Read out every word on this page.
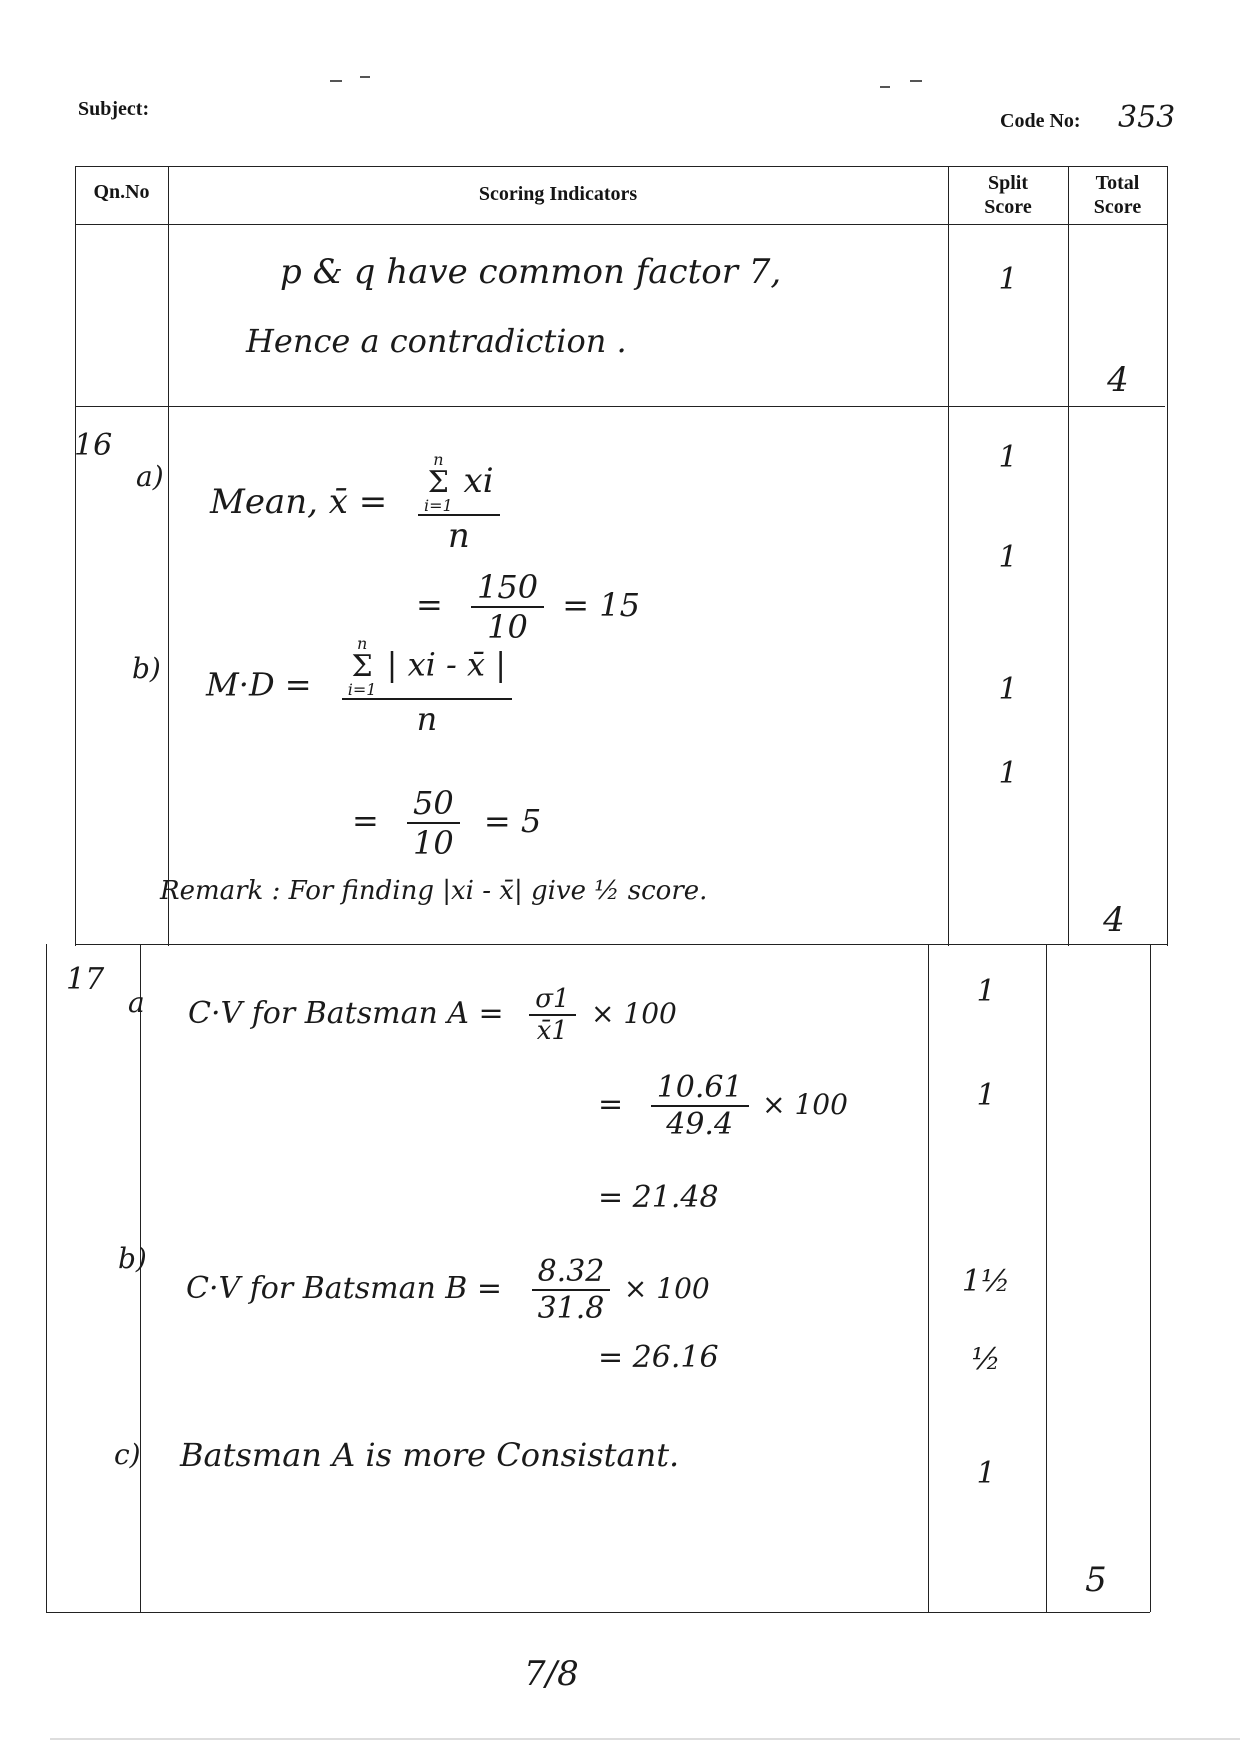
Subject:
Code No: 353
Qn.No	Scoring Indicators	Split
Score
Total
Score
p & q have common factor 7,
Hence a contradiction .
1
4
16
a)
Mean, x̄ = n
Σ
i=1
xi
n
= $\frac{150}{10} = 15$
b) M·D = n
Σ
i=1
| xi - x̄ |
n
= $\frac{50}{10} = 5$
Remark : For finding |xi - x̄| give ½ score.
1
1
1
1
4
17
a C·V for Batsman $A = \frac{\sigma 1}{x̄1} \times 100$
= $\frac{10.61}{49.4} \times 100$
= 21.48
b)
C·V for Batsman $B = \frac{8.32}{31.8} \times 100$
= 26.16
c) Batsman A is more Consistant.
1
1
1½
½
1
5
7/8
